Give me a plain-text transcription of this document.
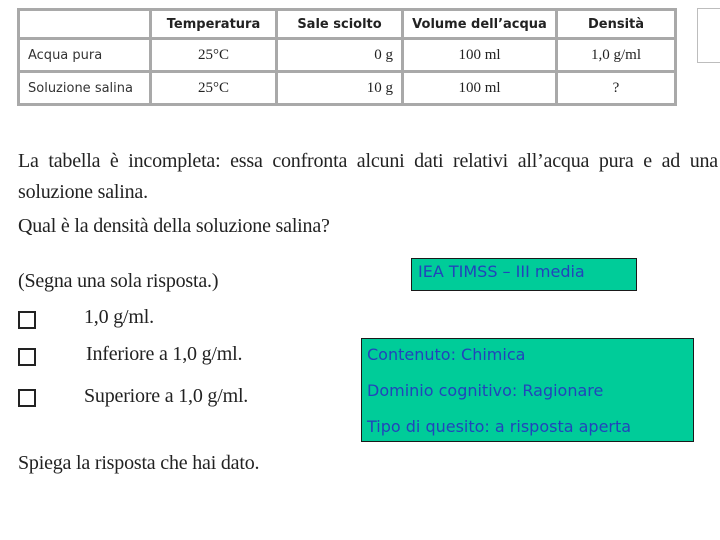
	Temperatura	Sale sciolto	Volume dell’acqua	Densità
Acqua pura	25°C	0 g	100 ml	1,0 g/ml
Soluzione salina	25°C	10 g	100 ml	?
La tabella è incompleta: essa confronta alcuni dati relativi all’acqua pura e ad una soluzione salina.
Qual è la densità della soluzione salina?
(Segna una sola risposta.)
1,0 g/ml.
Inferiore a 1,0 g/ml.
Superiore a 1,0 g/ml.
Spiega la risposta che hai dato.
IEA TIMSS – III media
Contenuto: Chimica
Dominio cognitivo: Ragionare
Tipo di quesito: a risposta aperta
